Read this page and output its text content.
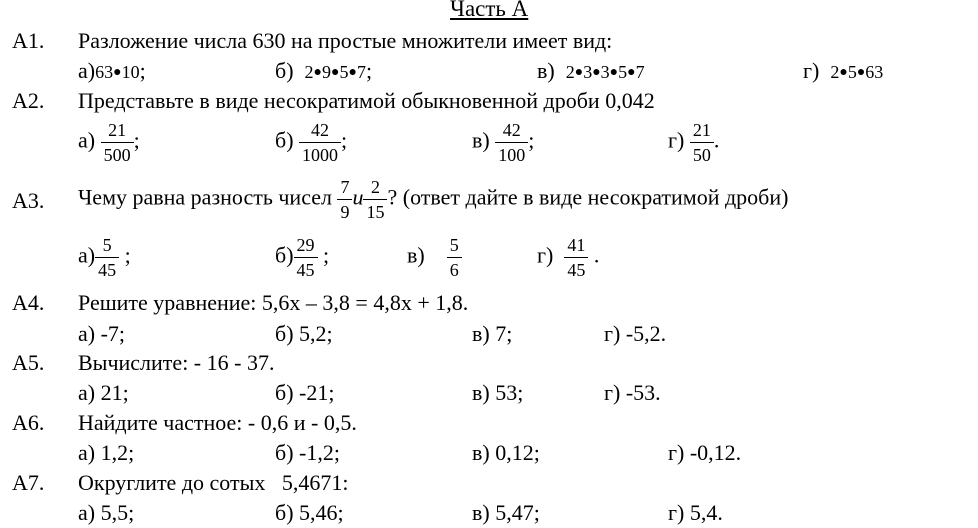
Часть А
А1. Разложение числа 630 на простые множители имеет вид:
а)63●10;	б) 2●9●5●7;	в) 2●3●3●5●7	г) 2●5●63
А2. Представьте в виде несократимой обыкновенной дроби 0,042
$а) \frac{21}{500}$ ;	$б) \frac{42}{1000}$ ;	$в) \frac{42}{100}$ ;	$г) \frac{21}{50}$ .
А3. Чему равна разность чисел $\frac{7}{9}$ и $\frac{2}{15}$ ? (ответ дайте в виде несократимой дроби)
$а) \frac{5}{45}$ ;	$б) \frac{29}{45}$ ;	$в) \frac{5}{6}$	$г) \frac{41}{45}$ .
А4. Решите уравнение: 5,6x – 3,8 = 4,8x + 1,8.
а) -7;	б) 5,2;	в) 7;	г) -5,2.
А5. Вычислите: - 16 - 37.
а) 21;	б) -21;	в) 53;	г) -53.
А6. Найдите частное: - 0,6 и - 0,5.
а) 1,2;	б) -1,2;	в) 0,12;	г) -0,12.
А7. Округлите до сотых   5,4671:
а) 5,5;	б) 5,46;	в) 5,47;	г) 5,4.
